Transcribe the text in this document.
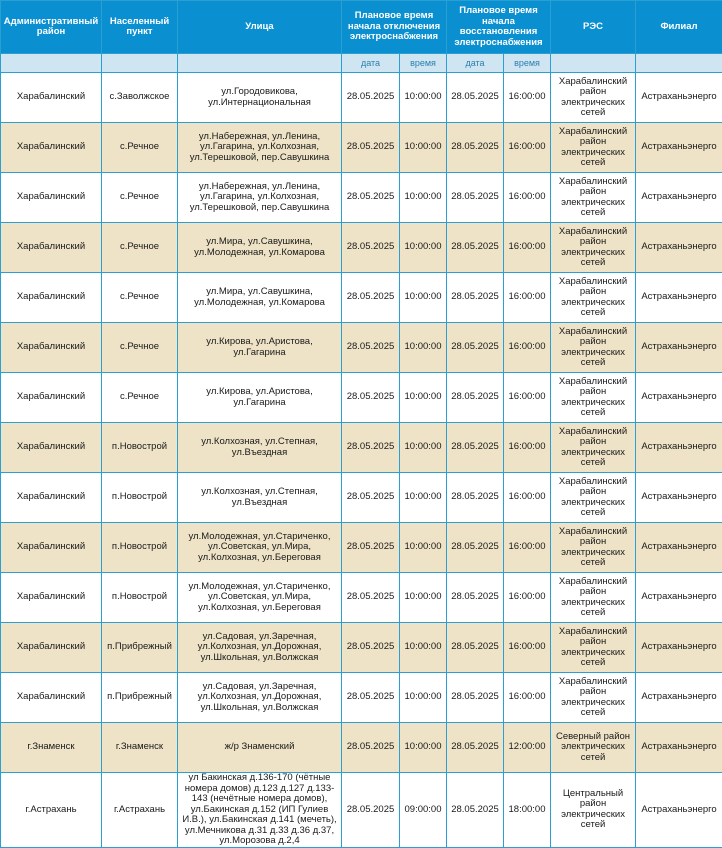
Административный район	Населенный пункт	Улица	Плановое время начала отключения электроснабжения		Плановое время начала восстановления электроснабжения		РЭС	Филиал
			дата	время	дата	время		
Харабалинский	с.Заволжское	ул.Городовикова, ул.Интернациональная	28.05.2025	10:00:00	28.05.2025	16:00:00	Харабалинский район электрических сетей	Астраханьэнерго
Харабалинский	с.Речное	ул.Набережная, ул.Ленина, ул.Гагарина, ул.Колхозная, ул.Терешковой, пер.Савушкина	28.05.2025	10:00:00	28.05.2025	16:00:00	Харабалинский район электрических сетей	Астраханьэнерго
Харабалинский	с.Речное	ул.Набережная, ул.Ленина, ул.Гагарина, ул.Колхозная, ул.Терешковой, пер.Савушкина	28.05.2025	10:00:00	28.05.2025	16:00:00	Харабалинский район электрических сетей	Астраханьэнерго
Харабалинский	с.Речное	ул.Мира, ул.Савушкина, ул.Молодежная, ул.Комарова	28.05.2025	10:00:00	28.05.2025	16:00:00	Харабалинский район электрических сетей	Астраханьэнерго
Харабалинский	с.Речное	ул.Мира, ул.Савушкина, ул.Молодежная, ул.Комарова	28.05.2025	10:00:00	28.05.2025	16:00:00	Харабалинский район электрических сетей	Астраханьэнерго
Харабалинский	с.Речное	ул.Кирова, ул.Аристова, ул.Гагарина	28.05.2025	10:00:00	28.05.2025	16:00:00	Харабалинский район электрических сетей	Астраханьэнерго
Харабалинский	с.Речное	ул.Кирова, ул.Аристова, ул.Гагарина	28.05.2025	10:00:00	28.05.2025	16:00:00	Харабалинский район электрических сетей	Астраханьэнерго
Харабалинский	п.Новострой	ул.Колхозная, ул.Степная, ул.Въездная	28.05.2025	10:00:00	28.05.2025	16:00:00	Харабалинский район электрических сетей	Астраханьэнерго
Харабалинский	п.Новострой	ул.Колхозная, ул.Степная, ул.Въездная	28.05.2025	10:00:00	28.05.2025	16:00:00	Харабалинский район электрических сетей	Астраханьэнерго
Харабалинский	п.Новострой	ул.Молодежная, ул.Стариченко, ул.Советская, ул.Мира, ул.Колхозная, ул.Береговая	28.05.2025	10:00:00	28.05.2025	16:00:00	Харабалинский район электрических сетей	Астраханьэнерго
Харабалинский	п.Новострой	ул.Молодежная, ул.Стариченко, ул.Советская, ул.Мира, ул.Колхозная, ул.Береговая	28.05.2025	10:00:00	28.05.2025	16:00:00	Харабалинский район электрических сетей	Астраханьэнерго
Харабалинский	п.Прибрежный	ул.Садовая, ул.Заречная, ул.Колхозная, ул.Дорожная, ул.Школьная, ул.Волжская	28.05.2025	10:00:00	28.05.2025	16:00:00	Харабалинский район электрических сетей	Астраханьэнерго
Харабалинский	п.Прибрежный	ул.Садовая, ул.Заречная, ул.Колхозная, ул.Дорожная, ул.Школьная, ул.Волжская	28.05.2025	10:00:00	28.05.2025	16:00:00	Харабалинский район электрических сетей	Астраханьэнерго
г.Знаменск	г.Знаменск	ж/р Знаменский	28.05.2025	10:00:00	28.05.2025	12:00:00	Северный район электрических сетей	Астраханьэнерго
г.Астрахань	г.Астрахань	ул Бакинская д.136-170 (чётные номера домов) д.123 д.127 д.133-143 (нечётные номера домов), ул.Бакинская д.152 (ИП Гулиев И.В.), ул.Бакинская д.141 (мечеть), ул.Мечникова д.31 д.33 д.36 д.37, ул.Морозова д.2,4	28.05.2025	09:00:00	28.05.2025	18:00:00	Центральный район электрических сетей	Астраханьэнерго
